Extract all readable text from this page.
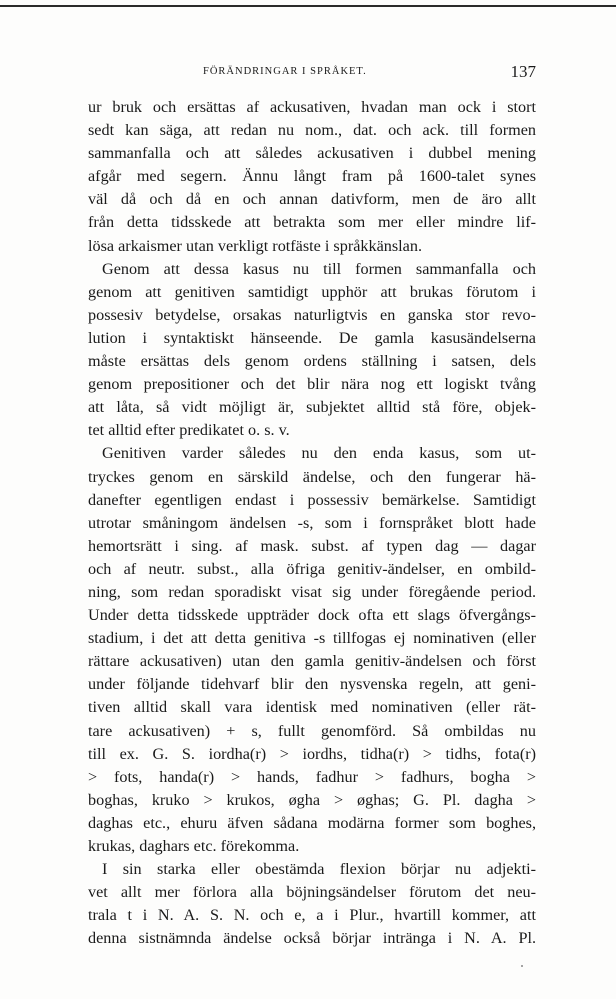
FÖRÄNDRINGAR I SPRÅKET.	137
ur bruk och ersättas af ackusativen, hvadan man ock i stort
sedt kan säga, att redan nu nom., dat. och ack. till formen
sammanfalla och att således ackusativen i dubbel mening
afgår med segern. Ännu långt fram på 1600-talet synes
väl då och då en och annan dativform, men de äro allt
från detta tidsskede att betrakta som mer eller mindre lif-
lösa arkaismer utan verkligt rotfäste i språkkänslan.
Genom att dessa kasus nu till formen sammanfalla och
genom att genitiven samtidigt upphör att brukas förutom i
possesiv betydelse, orsakas naturligtvis en ganska stor revo-
lution i syntaktiskt hänseende. De gamla kasusändelserna
måste ersättas dels genom ordens ställning i satsen, dels
genom prepositioner och det blir nära nog ett logiskt tvång
att låta, så vidt möjligt är, subjektet alltid stå före, objek-
tet alltid efter predikatet o. s. v.
Genitiven varder således nu den enda kasus, som ut-
tryckes genom en särskild ändelse, och den fungerar hä-
danefter egentligen endast i possessiv bemärkelse. Samtidigt
utrotar småningom ändelsen -s, som i fornspråket blott hade
hemortsrätt i sing. af mask. subst. af typen dag — dagar
och af neutr. subst., alla öfriga genitiv-ändelser, en ombild-
ning, som redan sporadiskt visat sig under föregående period.
Under detta tidsskede uppträder dock ofta ett slags öfvergångs-
stadium, i det att detta genitiva -s tillfogas ej nominativen (eller
rättare ackusativen) utan den gamla genitiv-ändelsen och först
under följande tidehvarf blir den nysvenska regeln, att geni-
tiven alltid skall vara identisk med nominativen (eller rät-
tare ackusativen) + s, fullt genomförd. Så ombildas nu
till ex. G. S. iordha(r) > iordhs, tidha(r) > tidhs, fota(r)
> fots, handa(r) > hands, fadhur > fadhurs, bogha >
boghas, kruko > krukos, øgha > øghas; G. Pl. dagha >
daghas etc., ehuru äfven sådana modärna former som boghes,
krukas, daghars etc. förekomma.
I sin starka eller obestämda flexion börjar nu adjekti-
vet allt mer förlora alla böjningsändelser förutom det neu-
trala t i N. A. S. N. och e, a i Plur., hvartill kommer, att
denna sistnämnda ändelse också börjar intränga i N. A. Pl.
